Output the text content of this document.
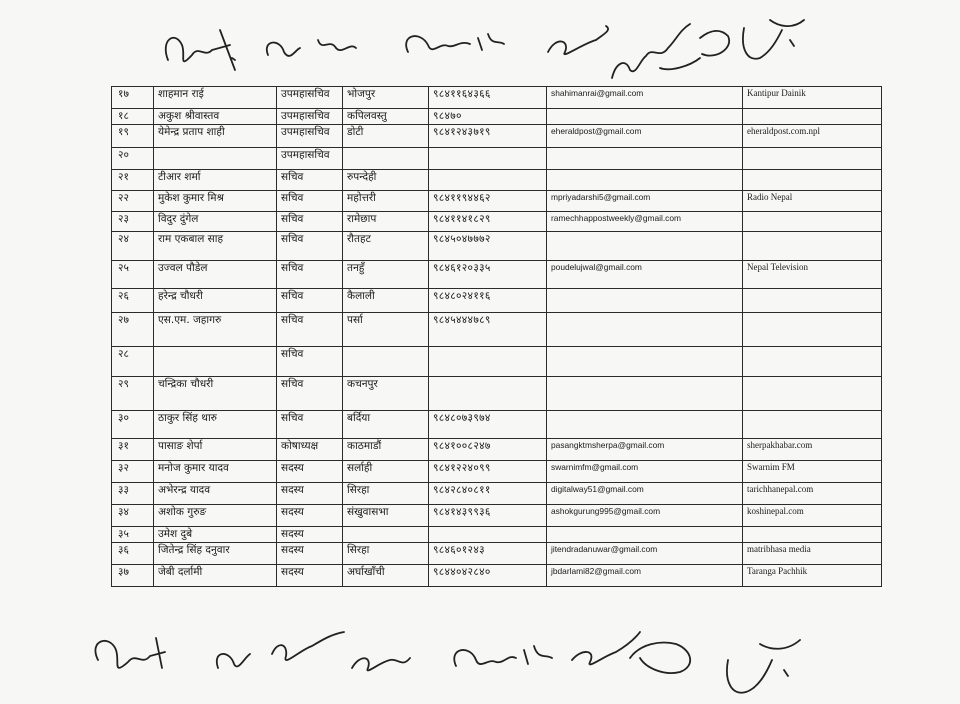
१७	शाहमान राई	उपमहासचिव	भोजपुर	९८४११६४३६६	shahimanrai@gmail.com	Kantipur Dainik
१८	अकुश श्रीवास्तव	उपमहासचिव	कपिलवस्तु	९८४७०		
१९	येमेन्द्र प्रताप शाही	उपमहासचिव	डोटी	९८४१२४३७१९	eheraldpost@gmail.com	eheraldpost.com.npl
२०		उपमहासचिव				
२१	टीआर शर्मा	सचिव	रुपन्देही			
२२	मुकेश कुमार मिश्र	सचिव	महोत्तरी	९८४११९४४६२	mpriyadarshi5@gmail.com	Radio Nepal
२३	विदुर दुंगेल	सचिव	रामेछाप	९८४११४१८२९	ramechhappostweekly@gmail.com	
२४	राम एकबाल साह	सचिव	रौतहट	९८४५०४७७७२		
२५	उज्वल पौडेल	सचिव	तनहुँ	९८४६१२०३३५	poudelujwal@gmail.com	Nepal Television
२६	हरेन्द्र चौधरी	सचिव	कैलाली	९८४८०२४११६		
२७	एस.एम. जहागरु	सचिव	पर्सा	९८४५४४४७८९		
२८		सचिव				
२९	चन्द्रिका चौधरी	सचिव	कचनपुर			
३०	ठाकुर सिंह थारु	सचिव	बर्दिया	९८४८०७३९७४		
३१	पासाङ शेर्पा	कोषाध्यक्ष	काठमाडौं	९८४१००८२४७	pasangktmsherpa@gmail.com	sherpakhabar.com
३२	मनोज कुमार यादव	सदस्य	सर्लाही	९८४१२२४०९९	swarnimfm@gmail.com	Swarnim FM
३३	अभेरन्द्र यादव	सदस्य	सिरहा	९८४२८४०८११	digitalway51@gmail.com	tarichhanepal.com
३४	अशोक गुरुङ	सदस्य	संखुवासभा	९८४१४३९९३६	ashokgurung995@gmail.com	koshinepal.com
३५	उमेश दुबे	सदस्य				
३६	जितेन्द्र सिंह दनुवार	सदस्य	सिरहा	९८४६०१२४३	jitendradanuwar@gmail.com	matribhasa media
३७	जेबी दर्लामी	सदस्य	अर्घाखाँची	९८४४०४२८४०	jbdarlami82@gmail.com	Taranga Pachhik
